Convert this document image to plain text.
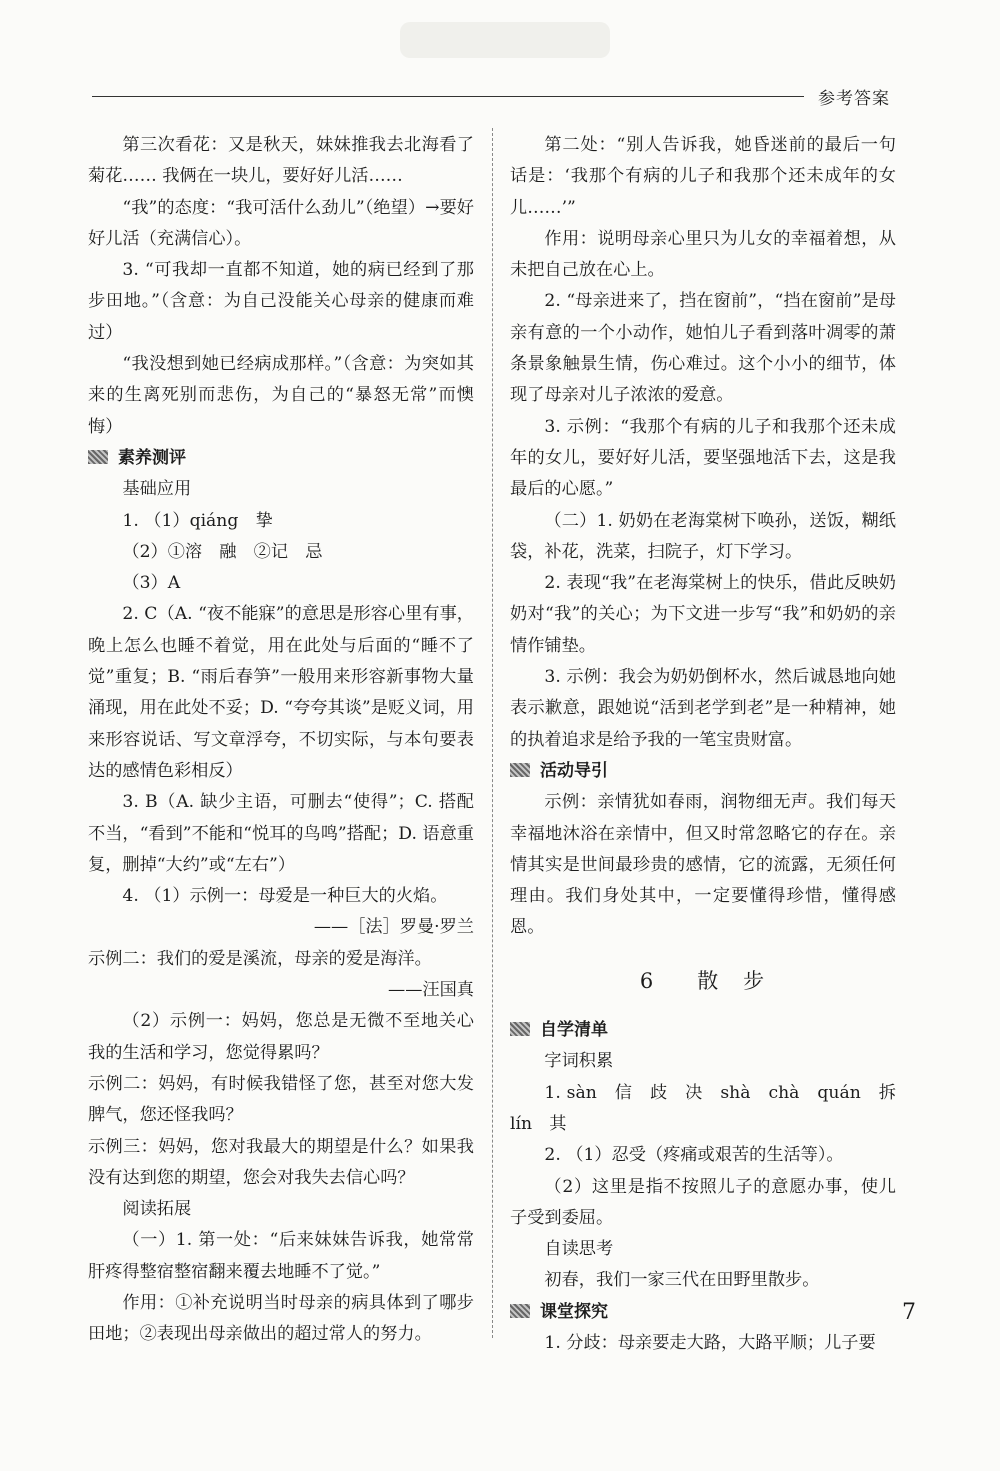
参考答案

第三次看花：又是秋天，妹妹推我去北海看了菊花…… 我俩在一块儿，要好好儿活……

“我”的态度：“我可活什么劲儿”（绝望）→要好好儿活（充满信心）。

3. “可我却一直都不知道，她的病已经到了那步田地。”（含意：为自己没能关心母亲的健康而难过）

“我没想到她已经病成那样。”（含意：为突如其来的生离死别而悲伤，为自己的“暴怒无常”而懊悔）

素养测评

基础应用

1. （1）qiáng　挚

（2）①溶　融　②记　忌

（3）A

2. C（A. “夜不能寐”的意思是形容心里有事，晚上怎么也睡不着觉，用在此处与后面的“睡不了觉”重复；B. “雨后春笋”一般用来形容新事物大量涌现，用在此处不妥；D. “夸夸其谈”是贬义词，用来形容说话、写文章浮夸，不切实际，与本句要表达的感情色彩相反）

3. B（A. 缺少主语，可删去“使得”；C. 搭配不当，“看到”不能和“悦耳的鸟鸣”搭配；D. 语意重复，删掉“大约”或“左右”）

4. （1）示例一：母爱是一种巨大的火焰。

——［法］罗曼·罗兰

示例二：我们的爱是溪流，母亲的爱是海洋。

——汪国真

（2）示例一：妈妈，您总是无微不至地关心我的生活和学习，您觉得累吗？

示例二：妈妈，有时候我错怪了您，甚至对您大发脾气，您还怪我吗？

示例三：妈妈，您对我最大的期望是什么？如果我没有达到您的期望，您会对我失去信心吗？

阅读拓展

（一）1. 第一处：“后来妹妹告诉我，她常常肝疼得整宿整宿翻来覆去地睡不了觉。”

作用：①补充说明当时母亲的病具体到了哪步田地；②表现出母亲做出的超过常人的努力。

第二处：“别人告诉我，她昏迷前的最后一句话是：‘我那个有病的儿子和我那个还未成年的女儿……’”

作用：说明母亲心里只为儿女的幸福着想，从未把自己放在心上。

2. “母亲进来了，挡在窗前”，“挡在窗前”是母亲有意的一个小动作，她怕儿子看到落叶凋零的萧条景象触景生情，伤心难过。这个小小的细节，体现了母亲对儿子浓浓的爱意。

3. 示例：“我那个有病的儿子和我那个还未成年的女儿，要好好儿活，要坚强地活下去，这是我最后的心愿。”

（二）1. 奶奶在老海棠树下唤孙，送饭，糊纸袋，补花，洗菜，扫院子，灯下学习。

2. 表现“我”在老海棠树上的快乐，借此反映奶奶对“我”的关心；为下文进一步写“我”和奶奶的亲情作铺垫。

3. 示例：我会为奶奶倒杯水，然后诚恳地向她表示歉意，跟她说“活到老学到老”是一种精神，她的执着追求是给予我的一笔宝贵财富。

活动导引

示例：亲情犹如春雨，润物细无声。我们每天幸福地沐浴在亲情中，但又时常忽略它的存在。亲情其实是世间最珍贵的感情，它的流露，无须任何理由。我们身处其中，一定要懂得珍惜，懂得感恩。

6 散　步
自学清单

字词积累

1. sàn　信　歧　决　shà　chà　quán　拆　lín　其

2. （1）忍受（疼痛或艰苦的生活等）。

（2）这里是指不按照儿子的意愿办事，使儿子受到委屈。

自读思考

初春，我们一家三代在田野里散步。

课堂探究

1. 分歧：母亲要走大路，大路平顺；儿子要

7
